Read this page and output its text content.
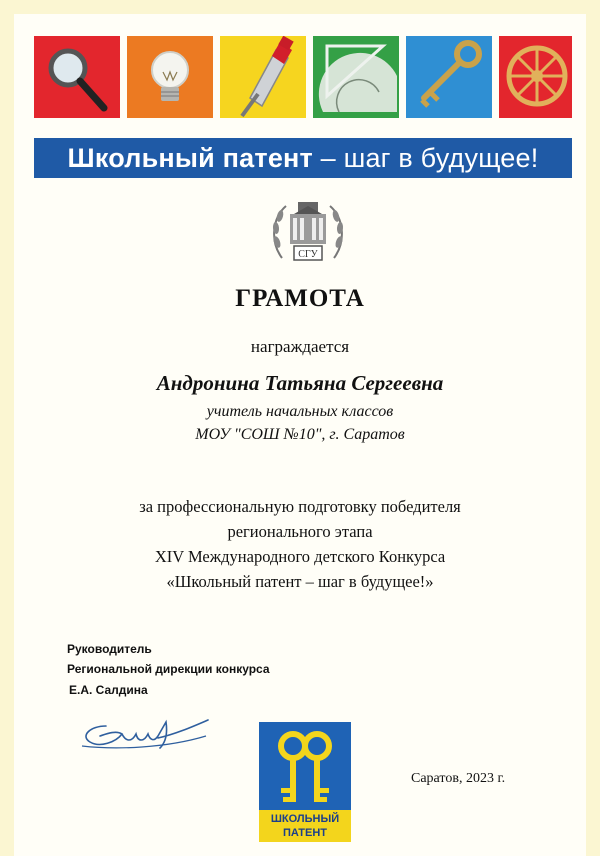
Школьный патент – шаг в будущее!
СГУ
ГРАМОТА
награждается
Андронина Татьяна Сергеевна
учитель начальных классов
МОУ "СОШ №10", г. Саратов
за профессиональную подготовку победителя
регионального этапа
XIV Международного детского Конкурса
«Школьный патент – шаг в будущее!»
Руководитель
Региональной дирекции конкурса
Е.А. Салдина
ШКОЛЬНЫЙ
ПАТЕНТ
Саратов, 2023 г.
